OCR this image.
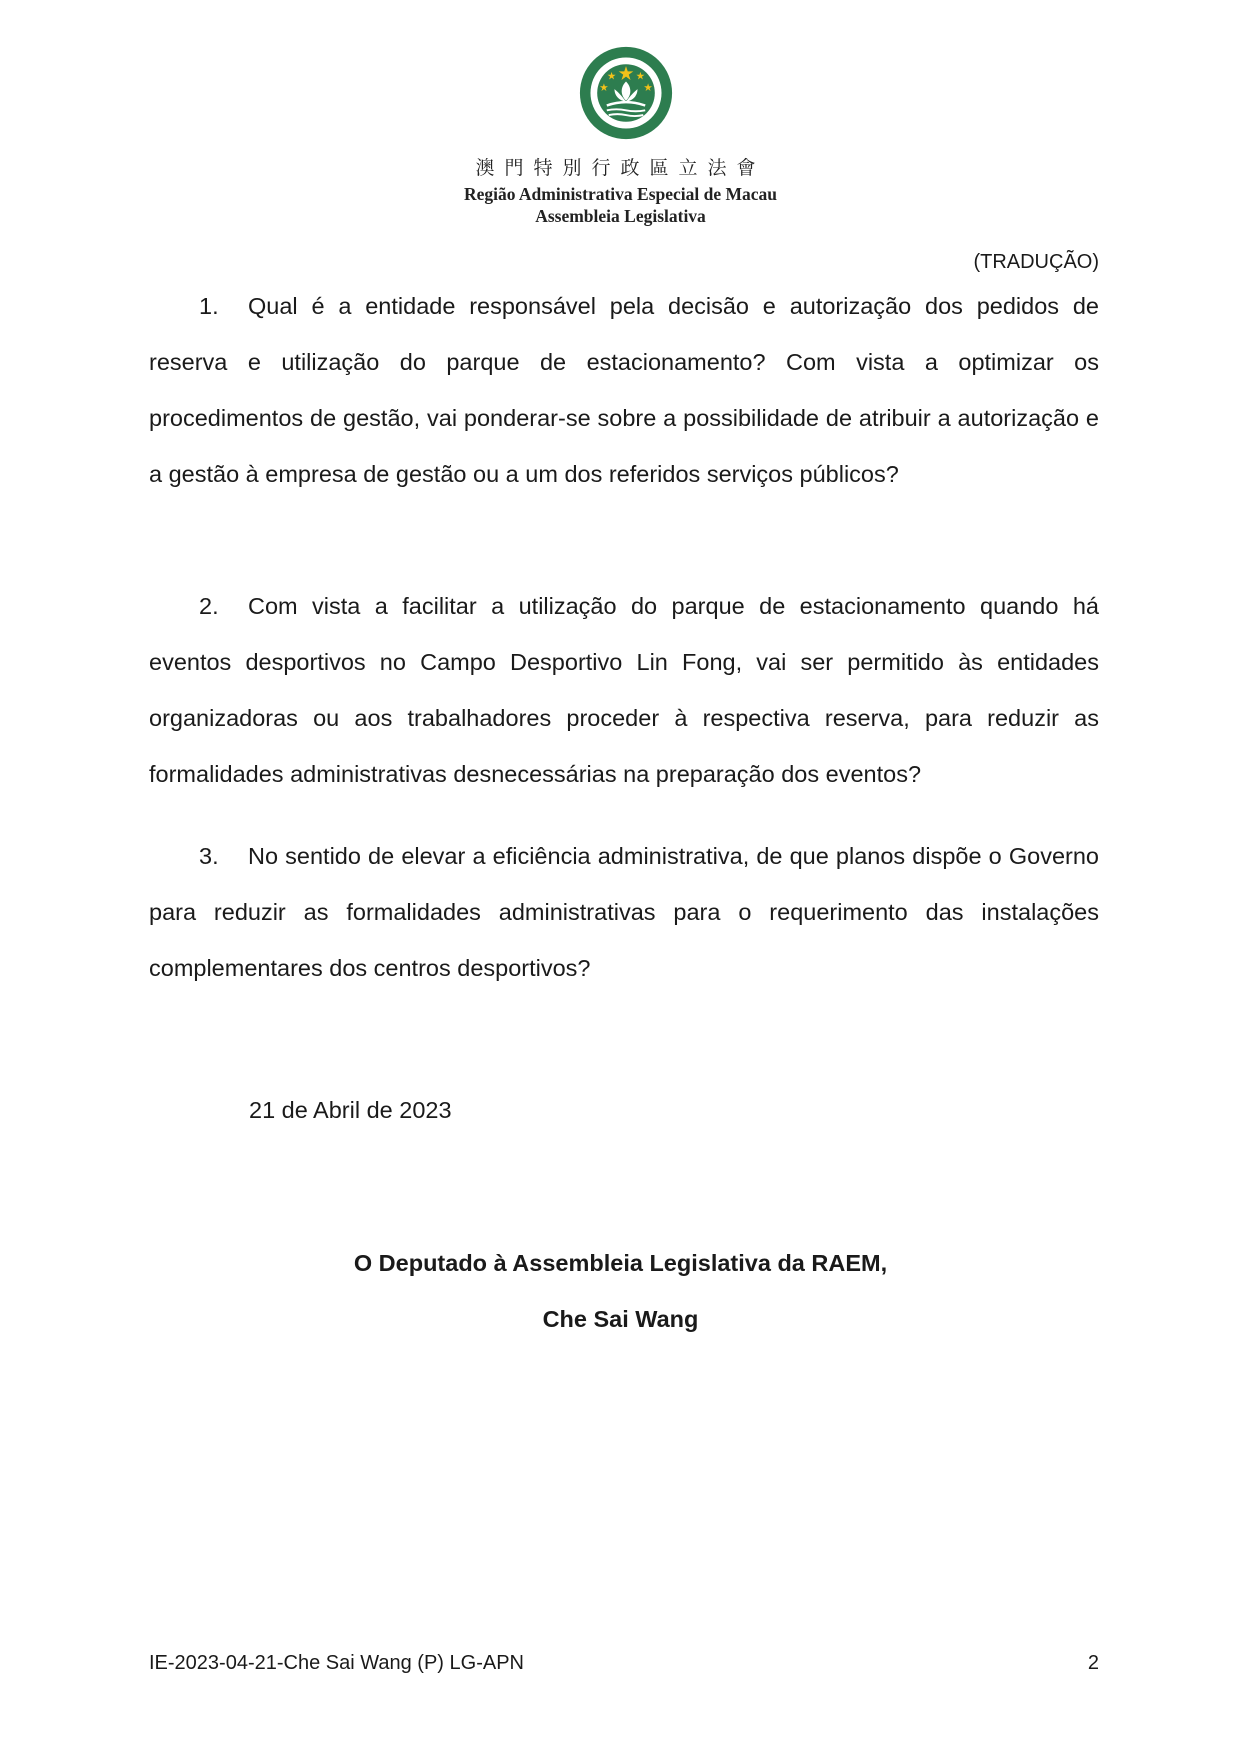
澳門特別行政區立法會
Região Administrativa Especial de Macau
Assembleia Legislativa
(TRADUÇÃO)

1. Qual é a entidade responsável pela decisão e autorização dos pedidos de reserva e utilização do parque de estacionamento? Com vista a optimizar os procedimentos de gestão, vai ponderar-se sobre a possibilidade de atribuir a autorização e a gestão à empresa de gestão ou a um dos referidos serviços públicos?

2. Com vista a facilitar a utilização do parque de estacionamento quando há eventos desportivos no Campo Desportivo Lin Fong, vai ser permitido às entidades organizadoras ou aos trabalhadores proceder à respectiva reserva, para reduzir as formalidades administrativas desnecessárias na preparação dos eventos?

3. No sentido de elevar a eficiência administrativa, de que planos dispõe o Governo para reduzir as formalidades administrativas para o requerimento das instalações complementares dos centros desportivos?

21 de Abril de 2023
O Deputado à Assembleia Legislativa da RAEM,
Che Sai Wang
IE-2023-04-21-Che Sai Wang (P) LG-APN	2
